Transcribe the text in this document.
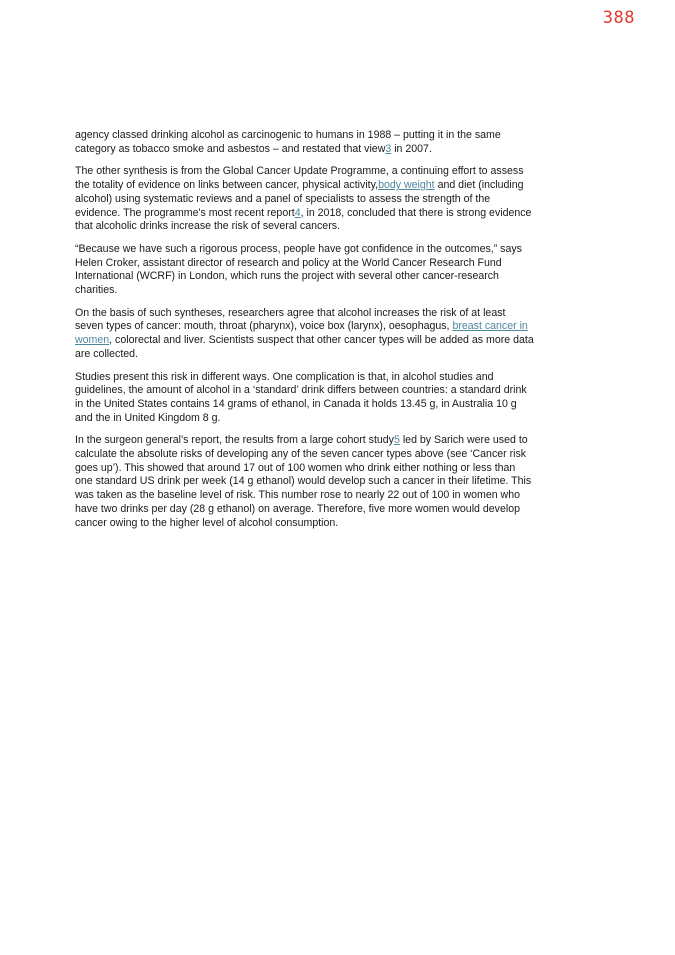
388

agency classed drinking alcohol as carcinogenic to humans in 1988 – putting it in the same category as tobacco smoke and asbestos – and restated that view3 in 2007.

The other synthesis is from the Global Cancer Update Programme, a continuing effort to assess the totality of evidence on links between cancer, physical activity,body weight and diet (including alcohol) using systematic reviews and a panel of specialists to assess the strength of the evidence. The programme's most recent report4, in 2018, concluded that there is strong evidence that alcoholic drinks increase the risk of several cancers.

“Because we have such a rigorous process, people have got confidence in the outcomes,” says Helen Croker, assistant director of research and policy at the World Cancer Research Fund International (WCRF) in London, which runs the project with several other cancer-research charities.

On the basis of such syntheses, researchers agree that alcohol increases the risk of at least seven types of cancer: mouth, throat (pharynx), voice box (larynx), oesophagus, breast cancer in women, colorectal and liver. Scientists suspect that other cancer types will be added as more data are collected.

Studies present this risk in different ways. One complication is that, in alcohol studies and guidelines, the amount of alcohol in a ‘standard’ drink differs between countries: a standard drink in the United States contains 14 grams of ethanol, in Canada it holds 13.45 g, in Australia 10 g and the in United Kingdom 8 g.

In the surgeon general’s report, the results from a large cohort study5 led by Sarich were used to calculate the absolute risks of developing any of the seven cancer types above (see ‘Cancer risk goes up’). This showed that around 17 out of 100 women who drink either nothing or less than one standard US drink per week (14 g ethanol) would develop such a cancer in their lifetime. This was taken as the baseline level of risk. This number rose to nearly 22 out of 100 in women who have two drinks per day (28 g ethanol) on average. Therefore, five more women would develop cancer owing to the higher level of alcohol consumption.
